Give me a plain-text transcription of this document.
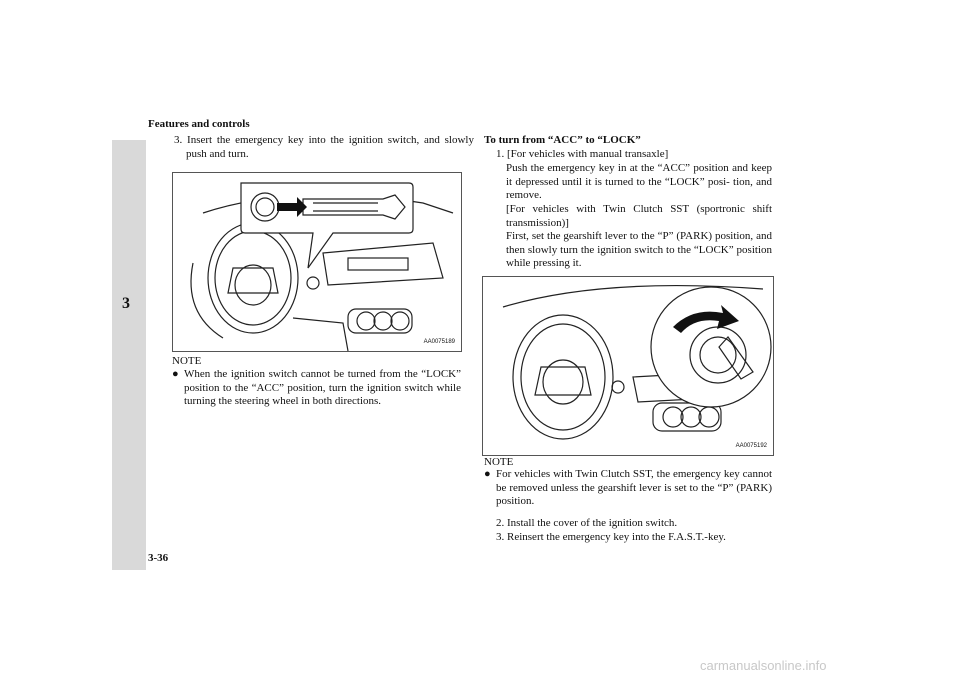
Features and controls
3
3-36
3. Insert the emergency key into the ignition switch, and slowly push and turn.
AA0075189
NOTE
● When the ignition switch cannot be turned from the “LOCK” position to the “ACC” position, turn the ignition switch while turning the steering wheel in both directions.
To turn from “ACC” to “LOCK”
1. [For vehicles with manual transaxle]
Push the emergency key in at the “ACC” position and keep it depressed until it is turned to the “LOCK” posi- tion, and remove.
[For vehicles with Twin Clutch SST (sportronic shift transmission)]
First, set the gearshift lever to the “P” (PARK) position, and then slowly turn the ignition switch to the “LOCK” position while pressing it.
AA0075192
NOTE
● For vehicles with Twin Clutch SST, the emergency key cannot be removed unless the gearshift lever is set to the “P” (PARK) position.
2. Install the cover of the ignition switch.
3. Reinsert the emergency key into the F.A.S.T.-key.
carmanualsonline.info
